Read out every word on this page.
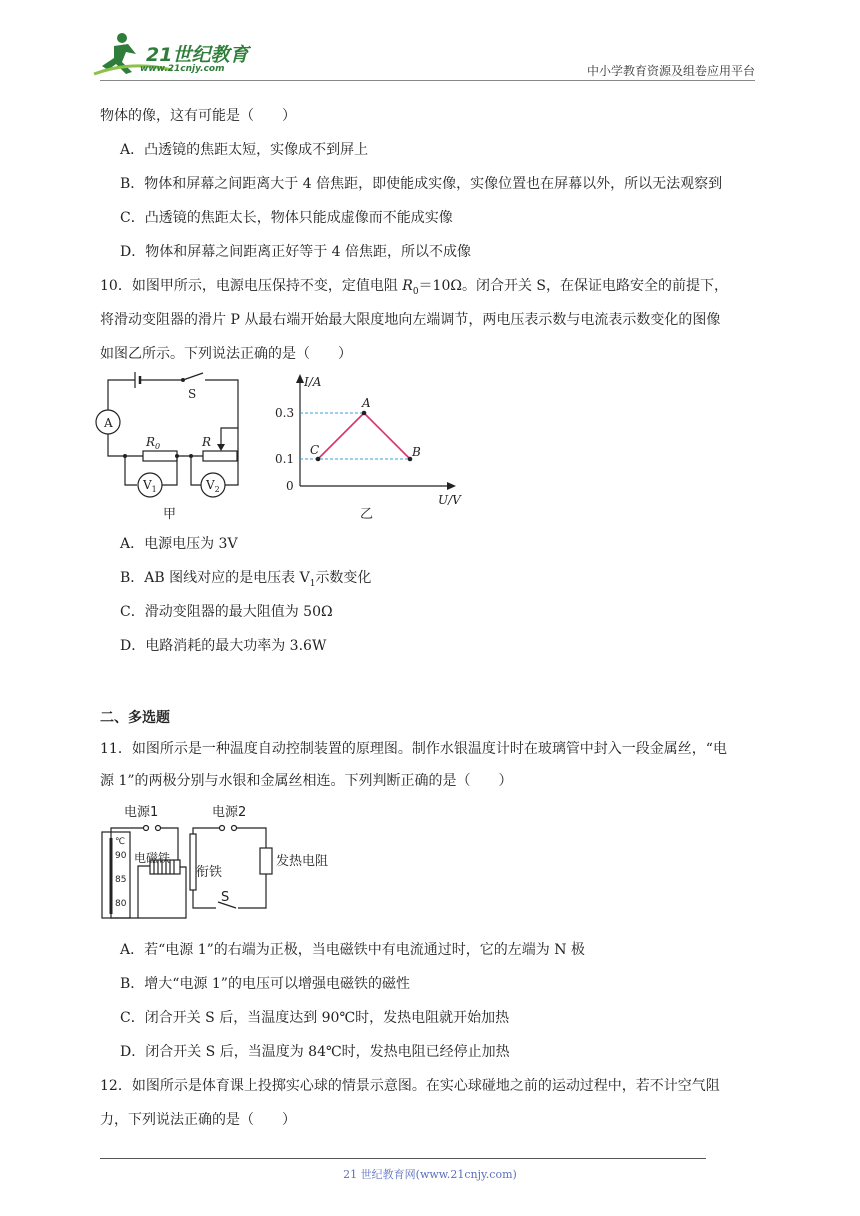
21世纪教育
www.21cnjy.com	中小学教育资源及组卷应用平台
物体的像，这有可能是（　　）
A．凸透镜的焦距太短，实像成不到屏上
B．物体和屏幕之间距离大于 4 倍焦距，即使能成实像，实像位置也在屏幕以外，所以无法观察到
C．凸透镜的焦距太长，物体只能成虚像而不能成实像
D．物体和屏幕之间距离正好等于 4 倍焦距，所以不成像
10．如图甲所示，电源电压保持不变，定值电阻 $R_0=10\Omega$。闭合开关 S，在保证电路安全的前提下，
将滑动变阻器的滑片 P 从最右端开始最大限度地向左端调节，两电压表示数与电流表示数变化的图像
如图乙所示。下列说法正确的是（　　）
A
S
$R_0$	R
$V_1$	$V_2$
甲
I/A
U/V
0.3
0.1
0
A
B
C
乙
A．电源电压为 3V
B．AB 图线对应的是电压表 $V_1$示数变化
C．滑动变阻器的最大阻值为 50Ω
D．电路消耗的最大功率为 3.6W
二、多选题
11．如图所示是一种温度自动控制装置的原理图。制作水银温度计时在玻璃管中封入一段金属丝，“电
源 1”的两极分别与水银和金属丝相连。下列判断正确的是（　　）
电源1	电源2
电磁铁
衔铁
发热电阻
S
℃
90
85
80
A．若“电源 1”的右端为正极，当电磁铁中有电流通过时，它的左端为 N 极
B．增大“电源 1”的电压可以增强电磁铁的磁性
C．闭合开关 S 后，当温度达到 90℃时，发热电阻就开始加热
D．闭合开关 S 后，当温度为 84℃时，发热电阻已经停止加热
12．如图所示是体育课上投掷实心球的情景示意图。在实心球碰地之前的运动过程中，若不计空气阻
力，下列说法正确的是（　　）
21 世纪教育网(www.21cnjy.com)
